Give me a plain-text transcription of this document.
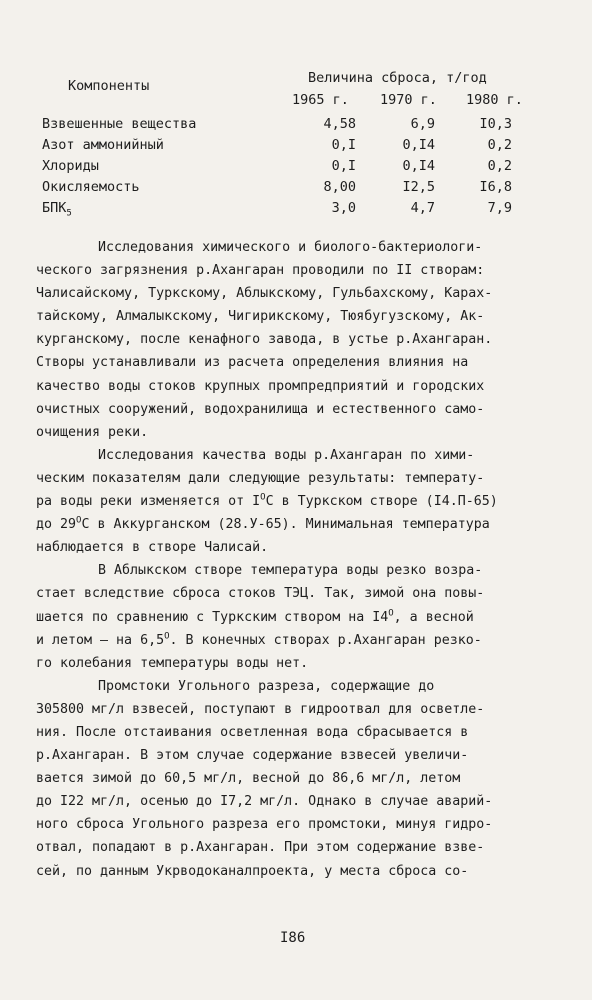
Компоненты	Величина сброса, т/год
1965 г. 1970 г. 1980 г.
Взвешенные вещества	4,58	6,9	I0,3
Азот аммонийный	0,I	0,I4	0,2
Хлориды	0,I	0,I4	0,2
Окисляемость	8,00	I2,5	I6,8
$БПК_5$	3,0	4,7	7,9
Исследования химического и биолого-бактериологи-
ческого загрязнения р.Ахангаран проводили по II створам:
Чалисайскому, Туркскому, Аблыкскому, Гульбахскому, Карах-
тайскому, Алмалыкскому, Чигирикскому, Тюябугузскому, Ак-
курганскому, после кенафного завода, в устье р.Ахангаран.
Створы устанавливали из расчета определения влияния на
качество воды стоков крупных промпредприятий и городских
очистных сооружений, водохранилища и естественного само-
очищения реки.
Исследования качества воды р.Ахангаран по хими-
ческим показателям дали следующие результаты: температу-
ра воды реки изменяется от $I^OС$ в Туркском створе (I4.П-65)
до $29^OС$ в Аккурганском (28.У-65). Минимальная температура
наблюдается в створе Чалисай.
В Аблыкском створе температура воды резко возра-
стает вследствие сброса стоков ТЭЦ. Так, зимой она повы-
шается по сравнению с Туркским створом на $I4^O$, а весной
и летом – на $6,5^O$. В конечных створах р.Ахангаран резко-
го колебания температуры воды нет.
Промстоки Угольного разреза, содержащие до
305800 мг/л взвесей, поступают в гидроотвал для осветле-
ния. После отстаивания осветленная вода сбрасывается в
р.Ахангаран. В этом случае содержание взвесей увеличи-
вается зимой до 60,5 мг/л, весной до 86,6 мг/л, летом
до I22 мг/л, осенью до I7,2 мг/л. Однако в случае аварий-
ного сброса Угольного разреза его промстоки, минуя гидро-
отвал, попадают в р.Ахангаран. При этом содержание взве-
сей, по данным Укрводоканалпроекта, у места сброса со-
I86
